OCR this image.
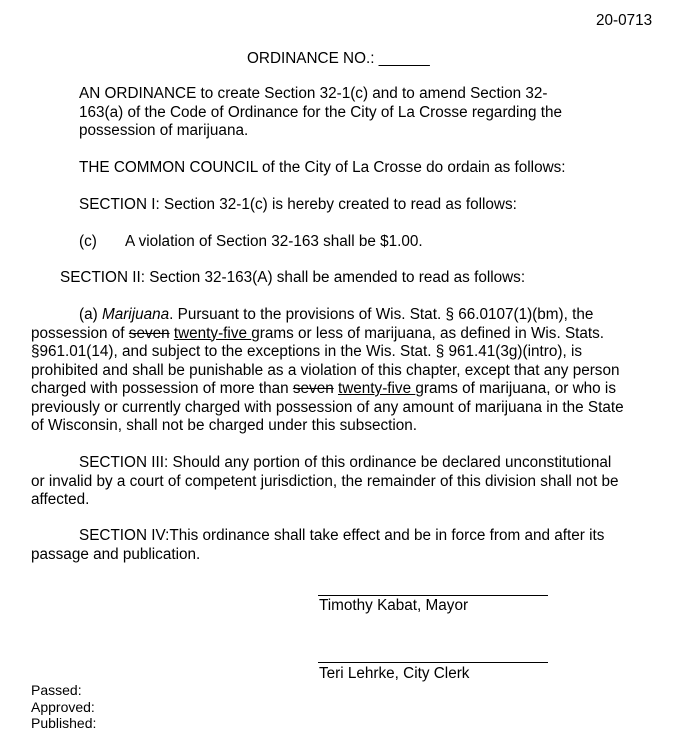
20-0713
ORDINANCE NO.: ______
AN ORDINANCE to create Section 32-1(c) and to amend Section 32-
163(a) of the Code of Ordinance for the City of La Crosse regarding the
possession of marijuana.
THE COMMON COUNCIL of the City of La Crosse do ordain as follows:
SECTION I: Section 32-1(c) is hereby created to read as follows:
(c) A violation of Section 32-163 shall be $1.00.
SECTION II: Section 32-163(A) shall be amended to read as follows:
(a) Marijuana. Pursuant to the provisions of Wis. Stat. § 66.0107(1)(bm), the
possession of seven twenty-five grams or less of marijuana, as defined in Wis. Stats.
§961.01(14), and subject to the exceptions in the Wis. Stat. § 961.41(3g)(intro), is
prohibited and shall be punishable as a violation of this chapter, except that any person
charged with possession of more than seven twenty-five grams of marijuana, or who is
previously or currently charged with possession of any amount of marijuana in the State
of Wisconsin, shall not be charged under this subsection.
SECTION III: Should any portion of this ordinance be declared unconstitutional
or invalid by a court of competent jurisdiction, the remainder of this division shall not be
affected.
SECTION IV:This ordinance shall take effect and be in force from and after its
passage and publication.
Timothy Kabat, Mayor
Teri Lehrke, City Clerk
Passed:
Approved:
Published:
